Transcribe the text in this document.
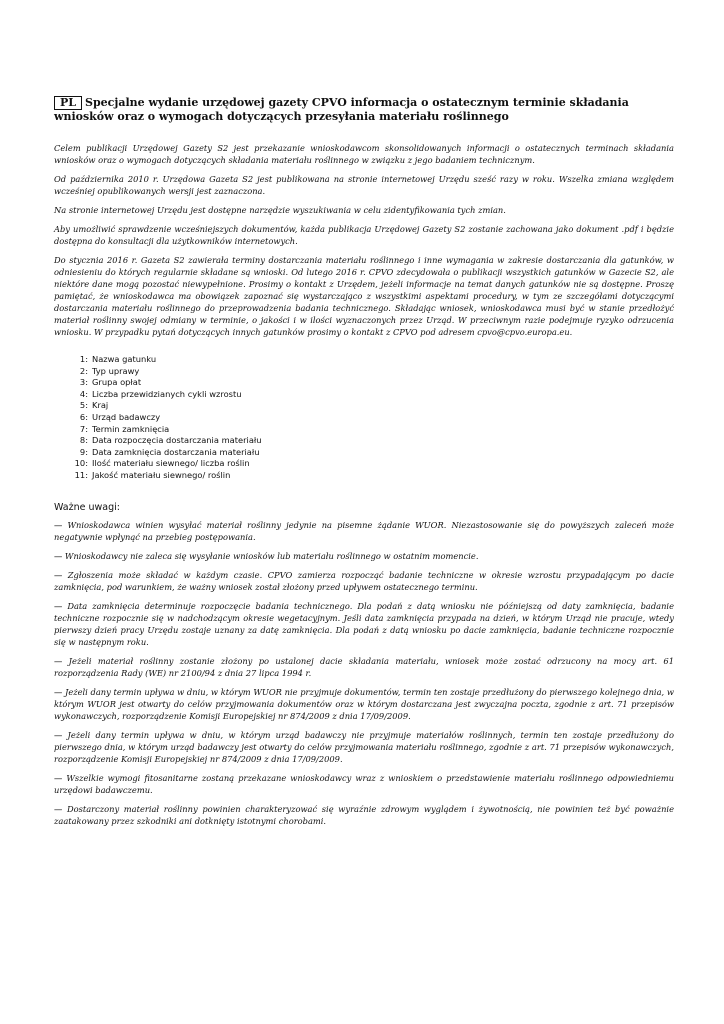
PL Specjalne wydanie urzędowej gazety CPVO informacja o ostatecznym terminie składania wniosków oraz o wymogach dotyczących przesyłania materiału roślinnego

Celem publikacji Urzędowej Gazety S2 jest przekazanie wnioskodawcom skonsolidowanych informacji o ostatecznych terminach składania wniosków oraz o wymogach dotyczących składania materiału roślinnego w związku z jego badaniem technicznym.

Od października 2010 r. Urzędowa Gazeta S2 jest publikowana na stronie internetowej Urzędu sześć razy w roku. Wszelka zmiana względem wcześniej opublikowanych wersji jest zaznaczona.

Na stronie internetowej Urzędu jest dostępne narzędzie wyszukiwania w celu zidentyfikowania tych zmian.

Aby umożliwić sprawdzenie wcześniejszych dokumentów, każda publikacja Urzędowej Gazety S2 zostanie zachowana jako dokument .pdf i będzie dostępna do konsultacji dla użytkowników internetowych.

Do stycznia 2016 r. Gazeta S2 zawierała terminy dostarczania materiału roślinnego i inne wymagania w zakresie dostarczania dla gatunków, w odniesieniu do których regularnie składane są wnioski. Od lutego 2016 r. CPVO zdecydowała o publikacji wszystkich gatunków w Gazecie S2, ale niektóre dane mogą pozostać niewypełnione. Prosimy o kontakt z Urzędem, jeżeli informacje na temat danych gatunków nie są dostępne. Proszę pamiętać, że wnioskodawca ma obowiązek zapoznać się wystarczająco z wszystkimi aspektami procedury, w tym ze szczegółami dotyczącymi dostarczania materiału roślinnego do przeprowadzenia badania technicznego. Składając wniosek, wnioskodawca musi być w stanie przedłożyć materiał roślinny swojej odmiany w terminie, o jakości i w ilości wyznaczonych przez Urząd. W przeciwnym razie podejmuje ryzyko odrzucenia wniosku. W przypadku pytań dotyczących innych gatunków prosimy o kontakt z CPVO pod adresem cpvo@cpvo.europa.eu.

1: Nazwa gatunku
2: Typ uprawy
3: Grupa opłat
4: Liczba przewidzianych cykli wzrostu
5: Kraj
6: Urząd badawczy
7: Termin zamknięcia
8: Data rozpoczęcia dostarczania materiału
9: Data zamknięcia dostarczania materiału
10: Ilość materiału siewnego/ liczba roślin
11: Jakość materiału siewnego/ roślin
Ważne uwagi:

— Wnioskodawca winien wysyłać materiał roślinny jedynie na pisemne żądanie WUOR. Niezastosowanie się do powyższych zaleceń może negatywnie wpłynąć na przebieg postępowania.

— Wnioskodawcy nie zaleca się wysyłanie wniosków lub materiału roślinnego w ostatnim momencie.

— Zgłoszenia może składać w każdym czasie. CPVO zamierza rozpocząć badanie techniczne w okresie wzrostu przypadającym po dacie zamknięcia, pod warunkiem, że ważny wniosek został złożony przed upływem ostatecznego terminu.

— Data zamknięcia determinuje rozpoczęcie badania technicznego. Dla podań z datą wniosku nie późniejszą od daty zamknięcia, badanie techniczne rozpocznie się w nadchodzącym okresie wegetacyjnym. Jeśli data zamknięcia przypada na dzień, w którym Urząd nie pracuje, wtedy pierwszy dzień pracy Urzędu zostaje uznany za datę zamknięcia. Dla podań z datą wniosku po dacie zamknięcia, badanie techniczne rozpocznie się w następnym roku.

— Jeżeli materiał roślinny zostanie złożony po ustalonej dacie składania materiału, wniosek może zostać odrzucony na mocy art. 61 rozporządzenia Rady (WE) nr 2100/94 z dnia 27 lipca 1994 r.

— Jeżeli dany termin upływa w dniu, w którym WUOR nie przyjmuje dokumentów, termin ten zostaje przedłużony do pierwszego kolejnego dnia, w którym WUOR jest otwarty do celów przyjmowania dokumentów oraz w którym dostarczana jest zwyczajna poczta, zgodnie z art. 71 przepisów wykonawczych, rozporządzenie Komisji Europejskiej nr 874/2009 z dnia 17/09/2009.

— Jeżeli dany termin upływa w dniu, w którym urząd badawczy nie przyjmuje materiałów roślinnych, termin ten zostaje przedłużony do pierwszego dnia, w którym urząd badawczy jest otwarty do celów przyjmowania materiału roślinnego, zgodnie z art. 71 przepisów wykonawczych, rozporządzenie Komisji Europejskiej nr 874/2009 z dnia 17/09/2009.

— Wszelkie wymogi fitosanitarne zostaną przekazane wnioskodawcy wraz z wnioskiem o przedstawienie materiału roślinnego odpowiedniemu urzędowi badawczemu.

— Dostarczony materiał roślinny powinien charakteryzować się wyraźnie zdrowym wyglądem i żywotnością, nie powinien też być poważnie zaatakowany przez szkodniki ani dotknięty istotnymi chorobami.
